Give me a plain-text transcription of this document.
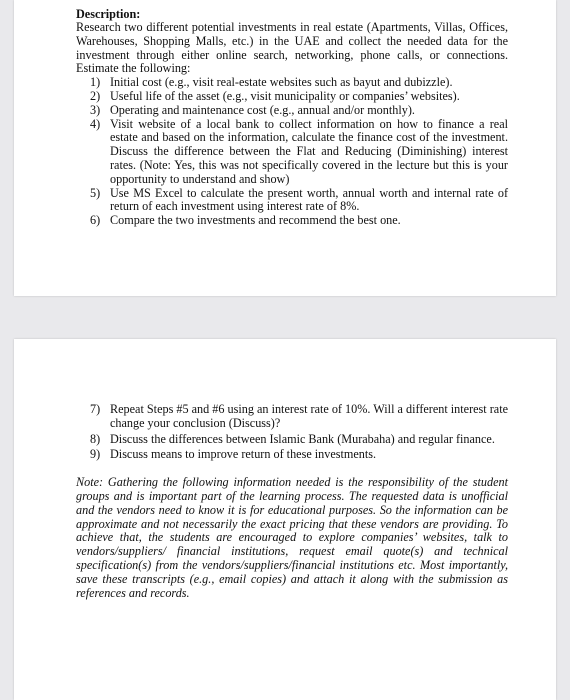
Description:

Research two different potential investments in real estate (Apartments, Villas, Offices, Warehouses, Shopping Malls, etc.) in the UAE and collect the needed data for the investment through either online search, networking, phone calls, or connections. Estimate the following:

1) Initial cost (e.g., visit real-estate websites such as bayut and dubizzle).
2) Useful life of the asset (e.g., visit municipality or companies’ websites).
3) Operating and maintenance cost (e.g., annual and/or monthly).
4) Visit website of a local bank to collect information on how to finance a real estate and based on the information, calculate the finance cost of the investment. Discuss the difference between the Flat and Reducing (Diminishing) interest rates. (Note: Yes, this was not specifically covered in the lecture but this is your opportunity to understand and show)
5) Use MS Excel to calculate the present worth, annual worth and internal rate of return of each investment using interest rate of 8%.
6) Compare the two investments and recommend the best one.
7) Repeat Steps #5 and #6 using an interest rate of 10%. Will a different interest rate change your conclusion (Discuss)?
8) Discuss the differences between Islamic Bank (Murabaha) and regular finance.
9) Discuss means to improve return of these investments.

Note: Gathering the following information needed is the responsibility of the student groups and is important part of the learning process. The requested data is unofficial and the vendors need to know it is for educational purposes. So the information can be approximate and not necessarily the exact pricing that these vendors are providing. To achieve that, the students are encouraged to explore companies’ websites, talk to vendors/suppliers/ financial institutions, request email quote(s) and technical specification(s) from the vendors/suppliers/financial institutions etc. Most importantly, save these transcripts (e.g., email copies) and attach it along with the submission as references and records.
